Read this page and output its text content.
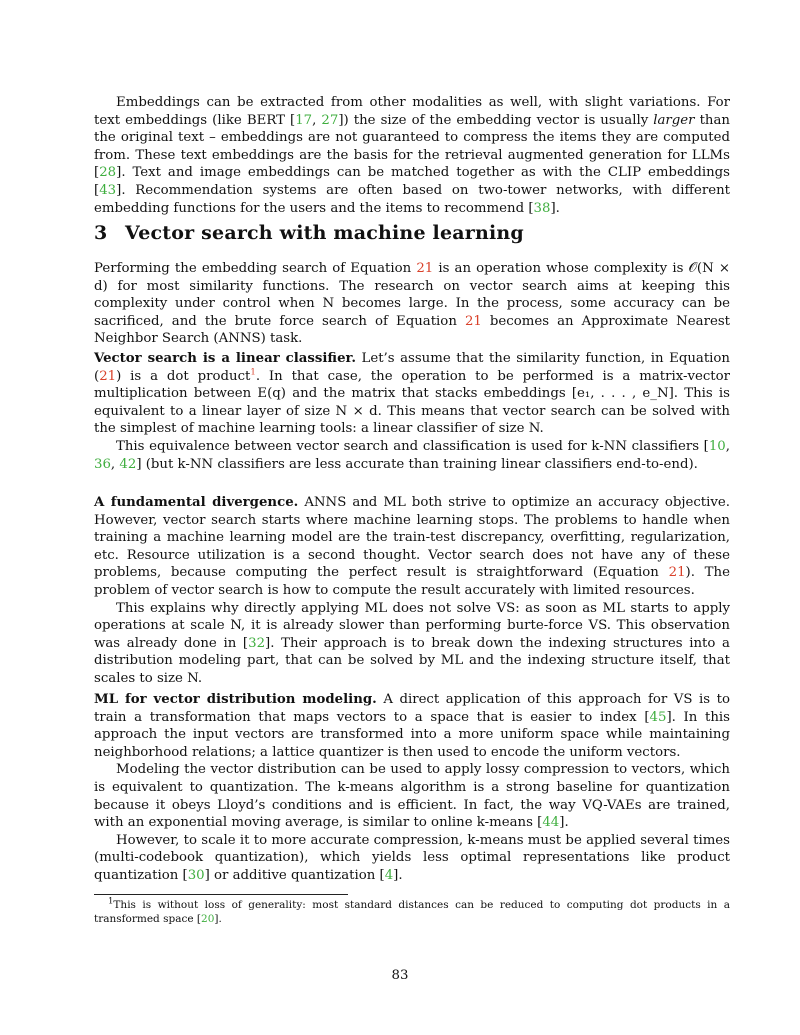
Embeddings can be extracted from other modalities as well, with slight variations. For text embeddings (like BERT [17, 27]) the size of the embedding vector is usually larger than the original text – embeddings are not guaranteed to compress the items they are computed from. These text embeddings are the basis for the retrieval augmented generation for LLMs [28]. Text and image embeddings can be matched together as with the CLIP embeddings [43]. Recommendation systems are often based on two-tower networks, with different embedding functions for the users and the items to recommend [38].

3 Vector search with machine learning

Performing the embedding search of Equation 21 is an operation whose complexity is 𝒪(N × d) for most similarity functions. The research on vector search aims at keeping this complexity under control when N becomes large. In the process, some accuracy can be sacrificed, and the brute force search of Equation 21 becomes an Approximate Nearest Neighbor Search (ANNS) task.

Vector search is a linear classifier. Let’s assume that the similarity function, in Equation (21) is a dot product$^1$. In that case, the operation to be performed is a matrix-vector multiplication between E(q) and the matrix that stacks embeddings [e₁, . . . , e_N]. This is equivalent to a linear layer of size N × d. This means that vector search can be solved with the simplest of machine learning tools: a linear classifier of size N.

This equivalence between vector search and classification is used for k-NN classifiers [10, 36, 42] (but k-NN classifiers are less accurate than training linear classifiers end-to-end).

A fundamental divergence. ANNS and ML both strive to optimize an accuracy objective. However, vector search starts where machine learning stops. The problems to handle when training a machine learning model are the train-test discrepancy, overfitting, regularization, etc. Resource utilization is a second thought. Vector search does not have any of these problems, because computing the perfect result is straightforward (Equation 21). The problem of vector search is how to compute the result accurately with limited resources.

This explains why directly applying ML does not solve VS: as soon as ML starts to apply operations at scale N, it is already slower than performing burte-force VS. This observation was already done in [32]. Their approach is to break down the indexing structures into a distribution modeling part, that can be solved by ML and the indexing structure itself, that scales to size N.

ML for vector distribution modeling. A direct application of this approach for VS is to train a transformation that maps vectors to a space that is easier to index [45]. In this approach the input vectors are transformed into a more uniform space while maintaining neighborhood relations; a lattice quantizer is then used to encode the uniform vectors.

Modeling the vector distribution can be used to apply lossy compression to vectors, which is equivalent to quantization. The k-means algorithm is a strong baseline for quantization because it obeys Lloyd’s conditions and is efficient. In fact, the way VQ-VAEs are trained, with an exponential moving average, is similar to online k-means [44].

However, to scale it to more accurate compression, k-means must be applied several times (multi-codebook quantization), which yields less optimal representations like product quantization [30] or additive quantization [4].

$^1$This is without loss of generality: most standard distances can be reduced to computing dot products in a transformed space [20].

83
